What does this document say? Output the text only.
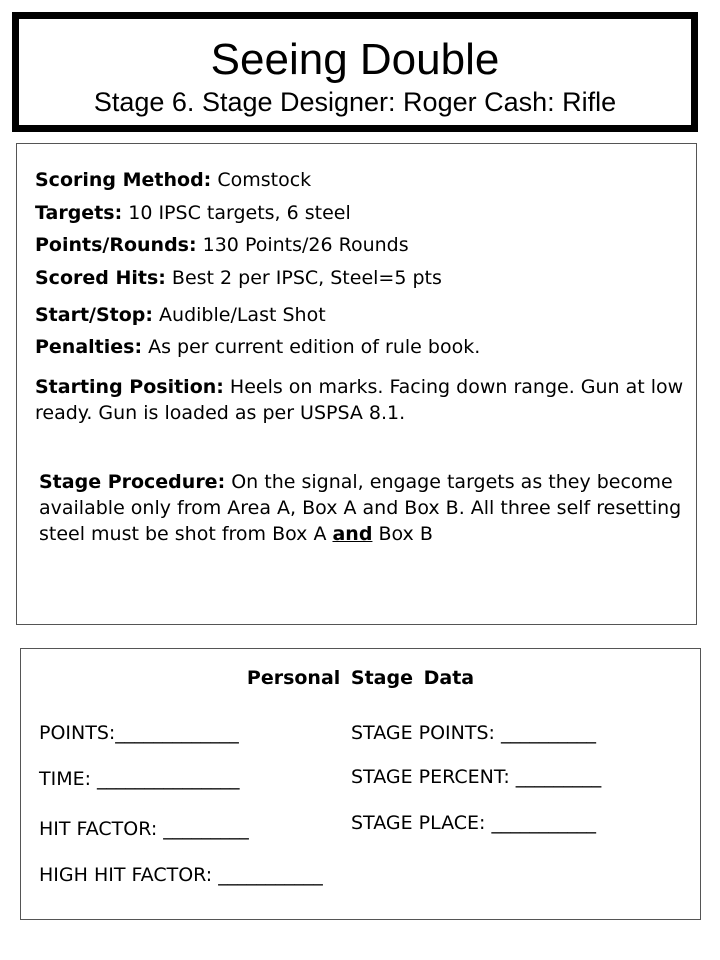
Seeing Double
Stage 6. Stage Designer: Roger Cash: Rifle
Scoring Method: Comstock
Targets: 10 IPSC targets, 6 steel
Points/Rounds: 130 Points/26 Rounds
Scored Hits: Best 2 per IPSC, Steel=5 pts
Start/Stop: Audible/Last Shot
Penalties: As per current edition of rule book.
Starting Position: Heels on marks. Facing down range. Gun at low ready. Gun is loaded as per USPSA 8.1.
Stage Procedure: On the signal, engage targets as they become available only from Area A, Box A and Box B. All three self resetting steel must be shot from Box A and Box B
Personal Stage Data
POINTS:_____________
TIME: _______________
HIT FACTOR: _________
HIGH HIT FACTOR: ___________
STAGE POINTS: __________
STAGE PERCENT: _________
STAGE PLACE: ___________
